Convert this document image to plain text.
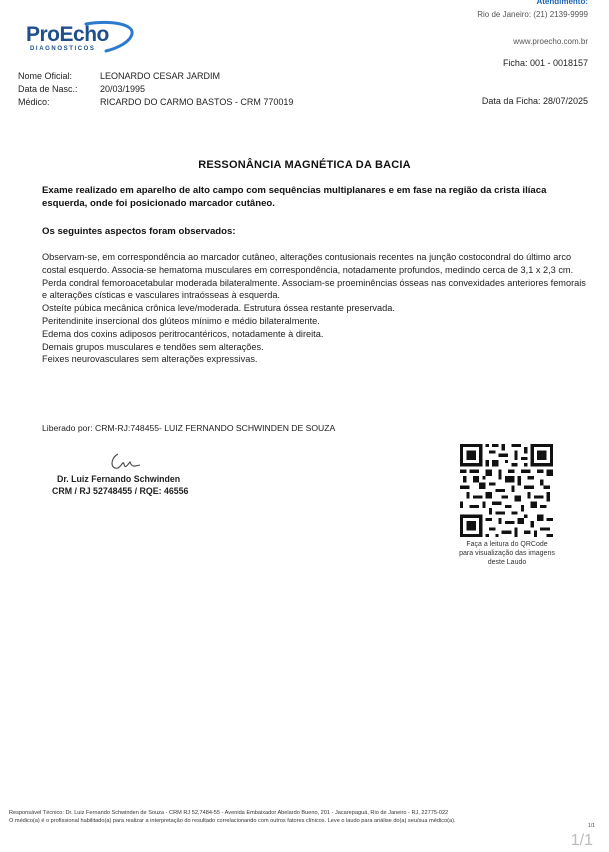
ProEcho
DIAGNOSTICOS
Atendimento:
Rio de Janeiro: (21) 2139-9999
www.proecho.com.br
Ficha: 001 - 0018157
Nome Oficial:	LEONARDO CESAR JARDIM
Data de Nasc.: 20/03/1995
Médico:	RICARDO DO CARMO BASTOS - CRM 770019	Data da Ficha: 28/07/2025
RESSONÂNCIA MAGNÉTICA DA BACIA
Exame realizado em aparelho de alto campo com sequências multiplanares e em fase na região da crista ilíaca esquerda, onde foi posicionado marcador cutâneo.
Os seguintes aspectos foram observados:

Observam-se, em correspondência ao marcador cutâneo, alterações contusionais recentes na junção costocondral do último arco costal esquerdo. Associa-se hematoma musculares em correspondência, notadamente profundos, medindo cerca de 3,1 x 2,3 cm.

Perda condral femoroacetabular moderada bilateralmente. Associam-se proeminências ósseas nas convexidades anteriores femorais e alterações císticas e vasculares intraósseas à esquerda.

Osteíte púbica mecânica crônica leve/moderada. Estrutura óssea restante preservada.

Peritendinite insercional dos glúteos mínimo e médio bilateralmente.

Edema dos coxins adiposos peritrocantéricos, notadamente à direita.

Demais grupos musculares e tendões sem alterações.

Feixes neurovasculares sem alterações expressivas.

Liberado por: CRM-RJ:748455- LUIZ FERNANDO SCHWINDEN DE SOUZA
Dr. Luiz Fernando Schwinden
CRM / RJ 52748455 / RQE: 46556
Faça a leitura do QRCode
para visualização das imagens
deste Laudo
Responsável Técnico: Dr. Luiz Fernando Schwinden de Souza - CRM RJ 52.7484-55 - Avenida Embaixador Abelardo Bueno, 201 - Jacarepaguá, Rio de Janeiro - RJ, 22775-022
O médico(a) é o profissional habilitado(a) para realizar a interpretação do resultado correlacionando com outros fatores clínicos. Leve o laudo para análise do(a) seu/sua médico(a).
1/1
1/1
